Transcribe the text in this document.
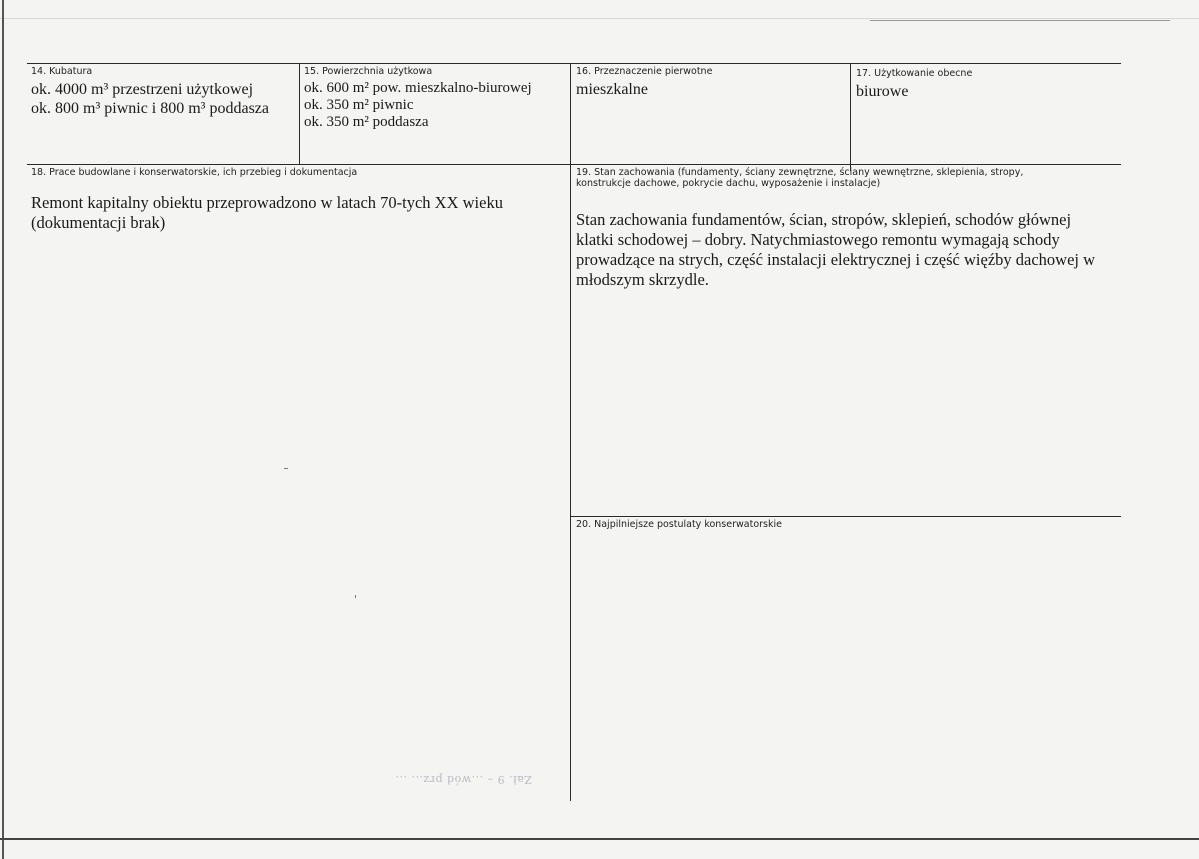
14. Kubatura
ok. 4000 m³ przestrzeni użytkowej
ok. 800 m³ piwnic i 800 m³ poddasza
15. Powierzchnia użytkowa
ok. 600 m² pow. mieszkalno-biurowej
ok. 350 m² piwnic
ok. 350 m² poddasza
16. Przeznaczenie pierwotne
mieszkalne
17. Użytkowanie obecne
biurowe
18. Prace budowlane i konserwatorskie, ich przebieg i dokumentacja
Remont kapitalny obiektu przeprowadzono w latach 70-tych XX wieku
(dokumentacji brak)
19. Stan zachowania (fundamenty, ściany zewnętrzne, ściany wewnętrzne, sklepienia, stropy, konstrukcje dachowe, pokrycie dachu, wyposażenie i instalacje)
Stan zachowania fundamentów, ścian, stropów, sklepień, schodów głównej klatki schodowej – dobry. Natychmiastowego remontu wymagają schody prowadzące na strych, część instalacji elektrycznej i część więźby dachowej w młodszym skrzydle.
20. Najpilniejsze postulaty konserwatorskie
Zał. 9 – ...wód prz... ...
